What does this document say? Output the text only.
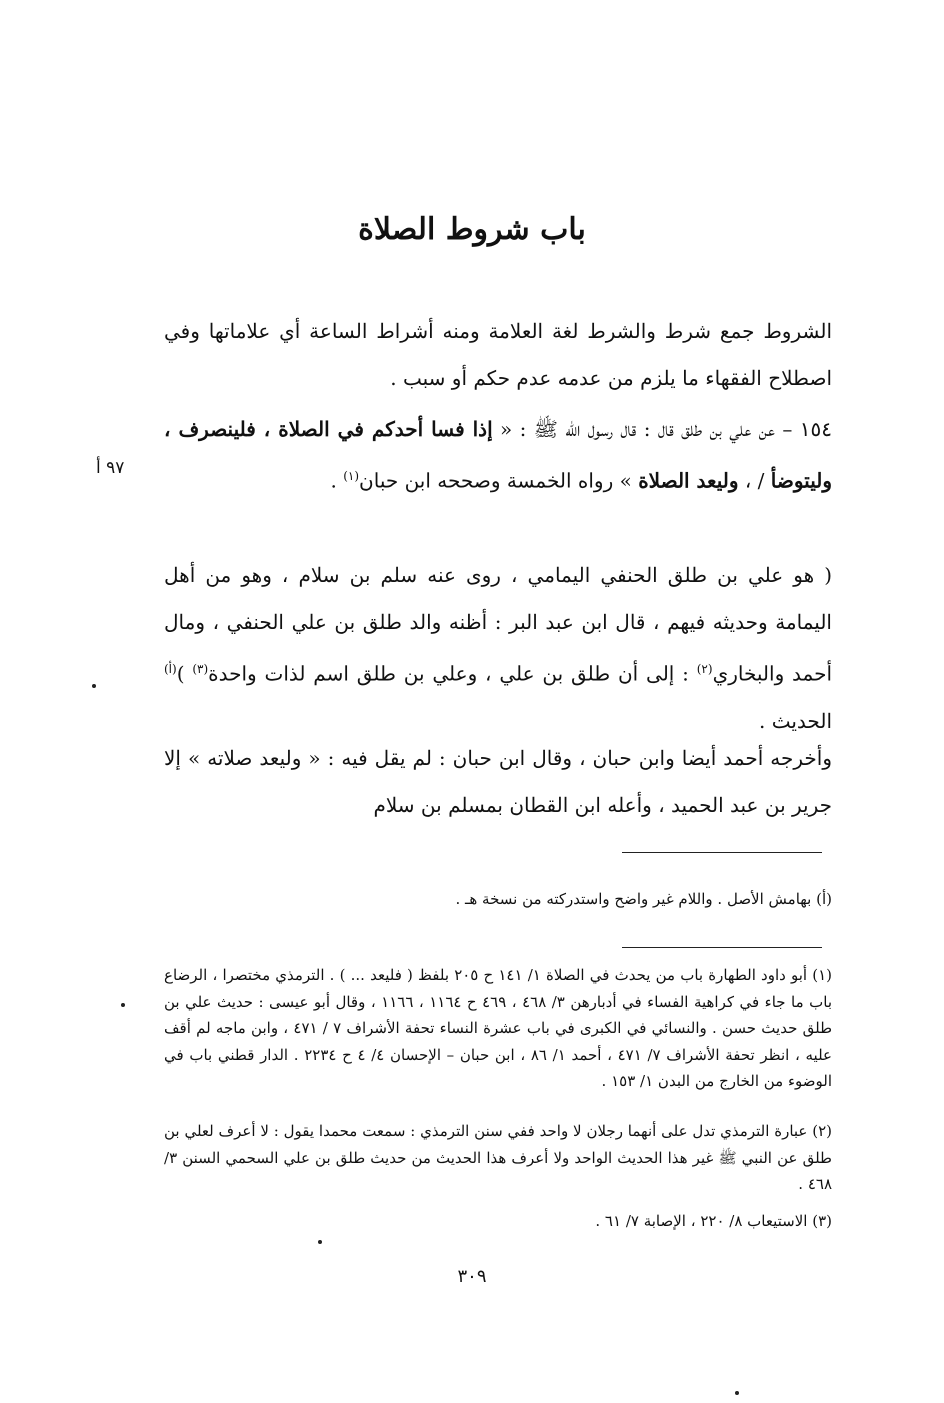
باب شروط الصلاة
الشروط جمع شرط والشرط لغة العلامة ومنه أشراط الساعة أي علاماتها وفي اصطلاح الفقهاء ما يلزم من عدمه عدم حكم أو سبب .
١٥٤ – عن علي بن طلق قال : قال رسول الله ﷺ : « إذا فسا أحدكم في الصلاة ، فلينصرف ، وليتوضأ / ، وليعد الصلاة » رواه الخمسة وصححه ابن حبان$^{(١)}$ .
٩٧ أ
( هو علي بن طلق الحنفي اليمامي ، روى عنه سلم بن سلام ، وهو من أهل اليمامة وحديثه فيهم ، قال ابن عبد البر : أظنه والد طلق بن علي الحنفي ، ومال أحمد والبخاري$^{(٢)}$ : إلى أن طلق بن علي ، وعلي بن طلق اسم لذات واحدة$^{(٣)}$ )$^{(أ)}$ الحديث .
وأخرجه أحمد أيضا وابن حبان ، وقال ابن حبان : لم يقل فيه : « وليعد صلاته » إلا جرير بن عبد الحميد ، وأعله ابن القطان بمسلم بن سلام
(أ) بهامش الأصل . واللام غير واضح واستدركته من نسخة هـ .
(١) أبو داود الطهارة باب من يحدث في الصلاة ١/ ١٤١ ح ٢٠٥ بلفظ ( فليعد ... ) . الترمذي مختصرا ، الرضاع باب ما جاء في كراهية الفساء في أدبارهن ٣/ ٤٦٨ ، ٤٦٩ ح ١١٦٤ ، ١١٦٦ ، وقال أبو عيسى : حديث علي بن طلق حديث حسن . والنسائي في الكبرى في باب عشرة النساء تحفة الأشراف ٧ / ٤٧١ ، وابن ماجه لم أقف عليه ، انظر تحفة الأشراف ٧/ ٤٧١ ، أحمد ١/ ٨٦ ، ابن حبان – الإحسان ٤/ ٤ ح ٢٢٣٤ . الدار قطني باب في الوضوء من الخارج من البدن ١/ ١٥٣ .
(٢) عبارة الترمذي تدل على أنهما رجلان لا واحد ففي سنن الترمذي : سمعت محمدا يقول : لا أعرف لعلي بن طلق عن النبي ﷺ غير هذا الحديث الواحد ولا أعرف هذا الحديث من حديث طلق بن علي السحمي السنن ٣/ ٤٦٨ .
(٣) الاستيعاب ٨/ ٢٢٠ ، الإصابة ٧/ ٦١ .
٣٠٩
